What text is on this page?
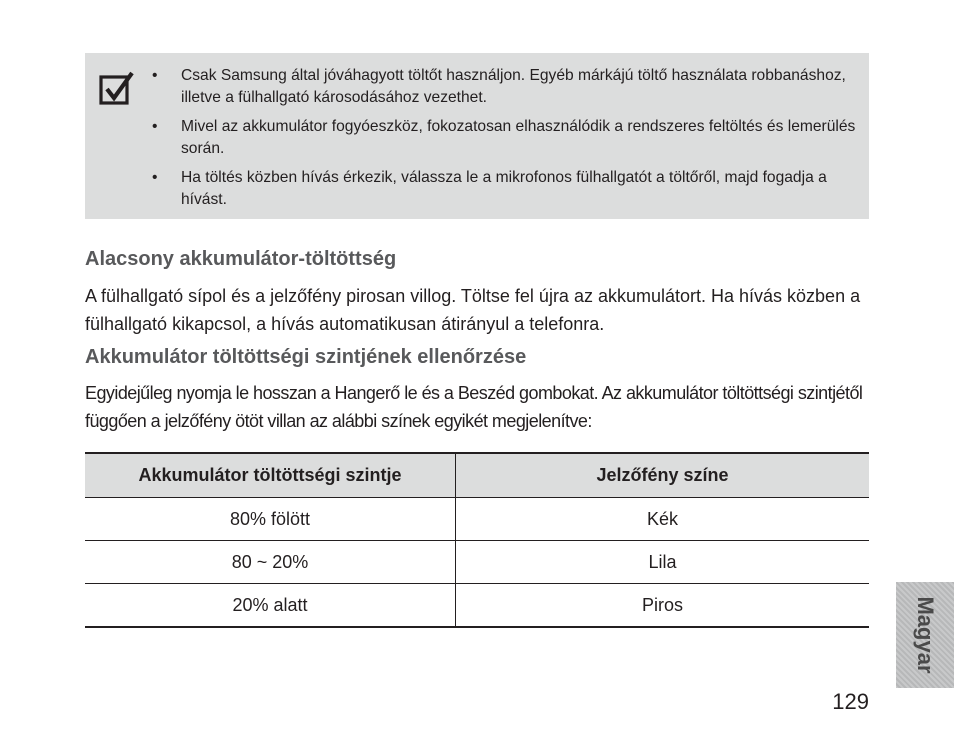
• Csak Samsung által jóváhagyott töltőt használjon. Egyéb márkájú töltő használata robbanáshoz, illetve a fülhallgató károsodásához vezethet.
• Mivel az akkumulátor fogyóeszköz, fokozatosan elhasználódik a rendszeres feltöltés és lemerülés során.
• Ha töltés közben hívás érkezik, válassza le a mikrofonos fülhallgatót a töltőről, majd fogadja a hívást.
Alacsony akkumulátor-töltöttség

A fülhallgató sípol és a jelzőfény pirosan villog. Töltse fel újra az akkumulátort. Ha hívás közben a fülhallgató kikapcsol, a hívás automatikusan átirányul a telefonra.

Akkumulátor töltöttségi szintjének ellenőrzése

Egyidejűleg nyomja le hosszan a Hangerő le és a Beszéd gombokat. Az akkumulátor töltöttségi szintjétől függően a jelzőfény ötöt villan az alábbi színek egyikét megjelenítve:

Akkumulátor töltöttségi szintje	Jelzőfény színe
80% fölött	Kék
80 ~ 20%	Lila
20% alatt	Piros	Magyar
129
